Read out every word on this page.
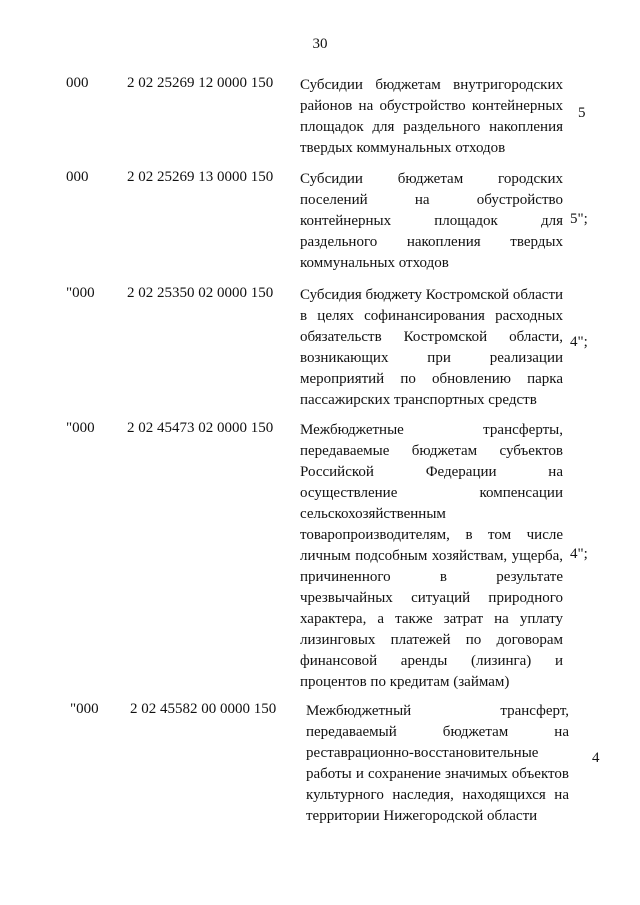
30
000	2 02 25269 12 0000 150 Субсидии бюджетам внутригородских
районов на обустройство контейнерных
площадок для раздельного накопления
твердых коммунальных отходов
5
000	2 02 25269 13 0000 150 Субсидии бюджетам городских
поселений на обустройство
контейнерных площадок для
раздельного накопления твердых
коммунальных отходов
5";
"000 2 02 25350 02 0000 150 Субсидия бюджету Костромской области
в целях софинансирования расходных
обязательств Костромской области,
возникающих при реализации
мероприятий по обновлению парка
пассажирских транспортных средств
4";
"000 2 02 45473 02 0000 150 Межбюджетные трансферты,
передаваемые бюджетам субъектов
Российской Федерации на
осуществление компенсации
сельскохозяйственным
товаропроизводителям, в том числе
личным подсобным хозяйствам, ущерба,
причиненного в результате
чрезвычайных ситуаций природного
характера, а также затрат на уплату
лизинговых платежей по договорам
финансовой аренды (лизинга) и
процентов по кредитам (займам)
4";
"000 2 02 45582 00 0000 150 Межбюджетный трансферт,
передаваемый бюджетам на
реставрационно-восстановительные
работы и сохранение значимых объектов
культурного наследия, находящихся на
территории Нижегородской области
4
